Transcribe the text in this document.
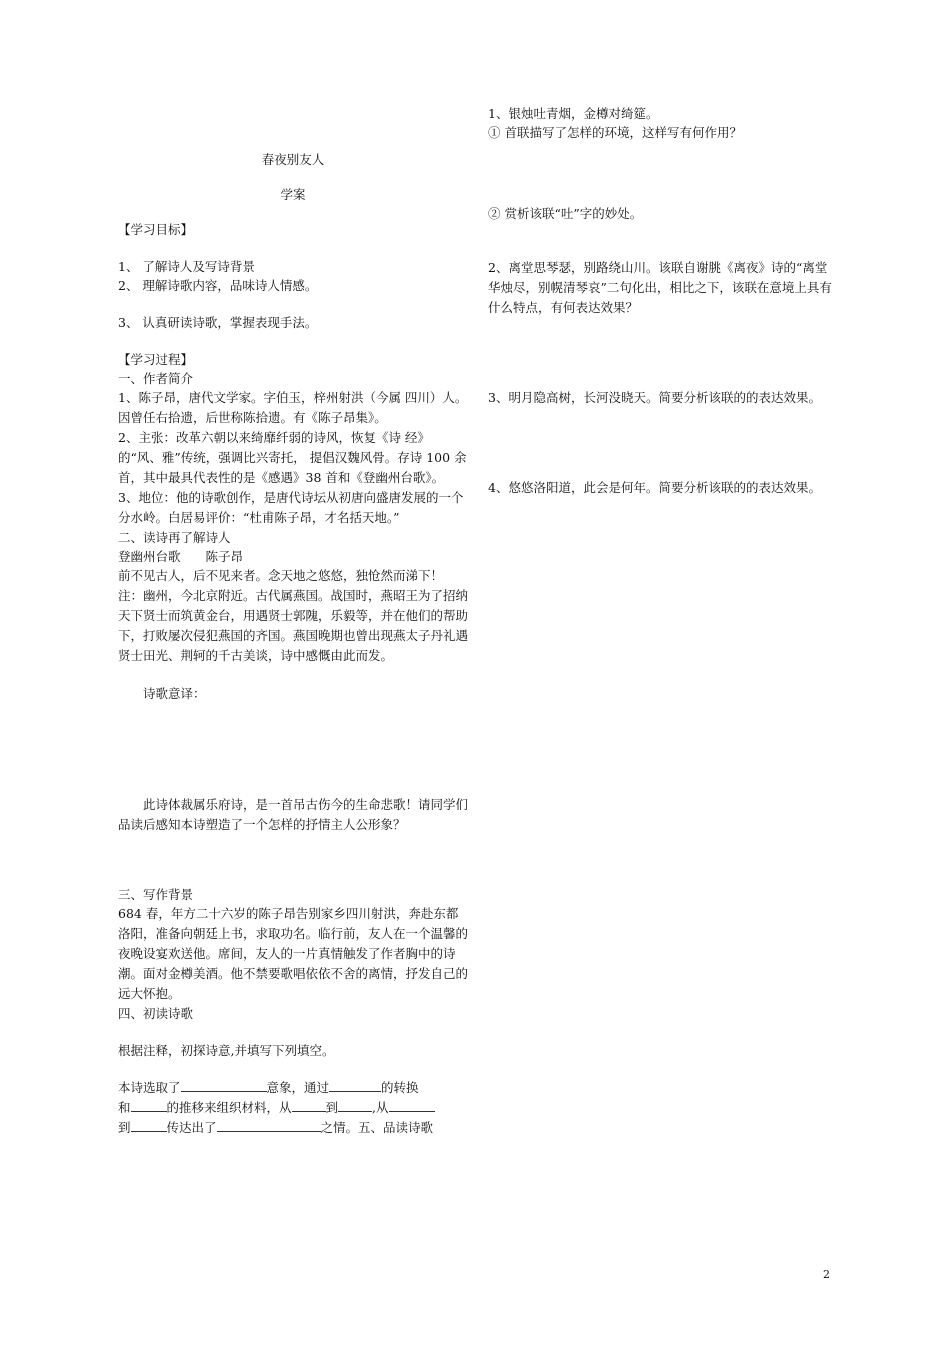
春夜别友人
学案
【学习目标】
1、 了解诗人及写诗背景
2、 理解诗歌内容，品味诗人情感。
3、 认真研读诗歌，掌握表现手法。
【学习过程】
一、作者简介
1、陈子昂，唐代文学家。字伯玉，梓州射洪（今属 四川）人。因曾任右拾遗，后世称陈拾遗。有《陈子昂集》。
2、主张：改革六朝以来绮靡纤弱的诗风，恢复《诗 经》的“风、雅”传统，强调比兴寄托， 提倡汉魏风骨。存诗 100 余首，其中最具代表性的是《感遇》38 首和《登幽州台歌》。
3、地位：他的诗歌创作，是唐代诗坛从初唐向盛唐发展的一个分水岭。白居易评价：“杜甫陈子昂，才名括天地。”
二、读诗再了解诗人
登幽州台歌　　陈子昂
前不见古人，后不见来者。念天地之悠悠，独怆然而涕下！
注：幽州，今北京附近。古代属燕国。战国时，燕昭王为了招纳天下贤士而筑黄金台，用遇贤士郭隗，乐毅等，并在他们的帮助下，打败屡次侵犯燕国的齐国。燕国晚期也曾出现燕太子丹礼遇贤士田光、荆轲的千古美谈，诗中感慨由此而发。
诗歌意译：
此诗体裁属乐府诗，是一首吊古伤今的生命悲歌！请同学们品读后感知本诗塑造了一个怎样的抒情主人公形象？
三、写作背景
684 春，年方二十六岁的陈子昂告别家乡四川射洪，奔赴东都洛阳，准备向朝廷上书，求取功名。临行前，友人在一个温馨的夜晚设宴欢送他。席间，友人的一片真情触发了作者胸中的诗潮。面对金樽美酒。他不禁要歌唱依依不舍的离情，抒发自己的远大怀抱。
四、初读诗歌
根据注释，初探诗意,并填写下列填空。
本诗选取了	意象，通过	的转换
和	的推移来组织材料，从	到	,从
到	传达出了	之情。五、品读诗歌
1、银烛吐青烟，金樽对绮筵。
① 首联描写了怎样的环境，这样写有何作用？
② 赏析该联“吐”字的妙处。
2、离堂思琴瑟，别路绕山川。该联自谢朓《离夜》诗的“离堂华烛尽，别幌清琴哀”二句化出，相比之下，该联在意境上具有什么特点，有何表达效果？
3、明月隐高树，长河没晓天。简要分析该联的的表达效果。
4、悠悠洛阳道，此会是何年。简要分析该联的的表达效果。
2
